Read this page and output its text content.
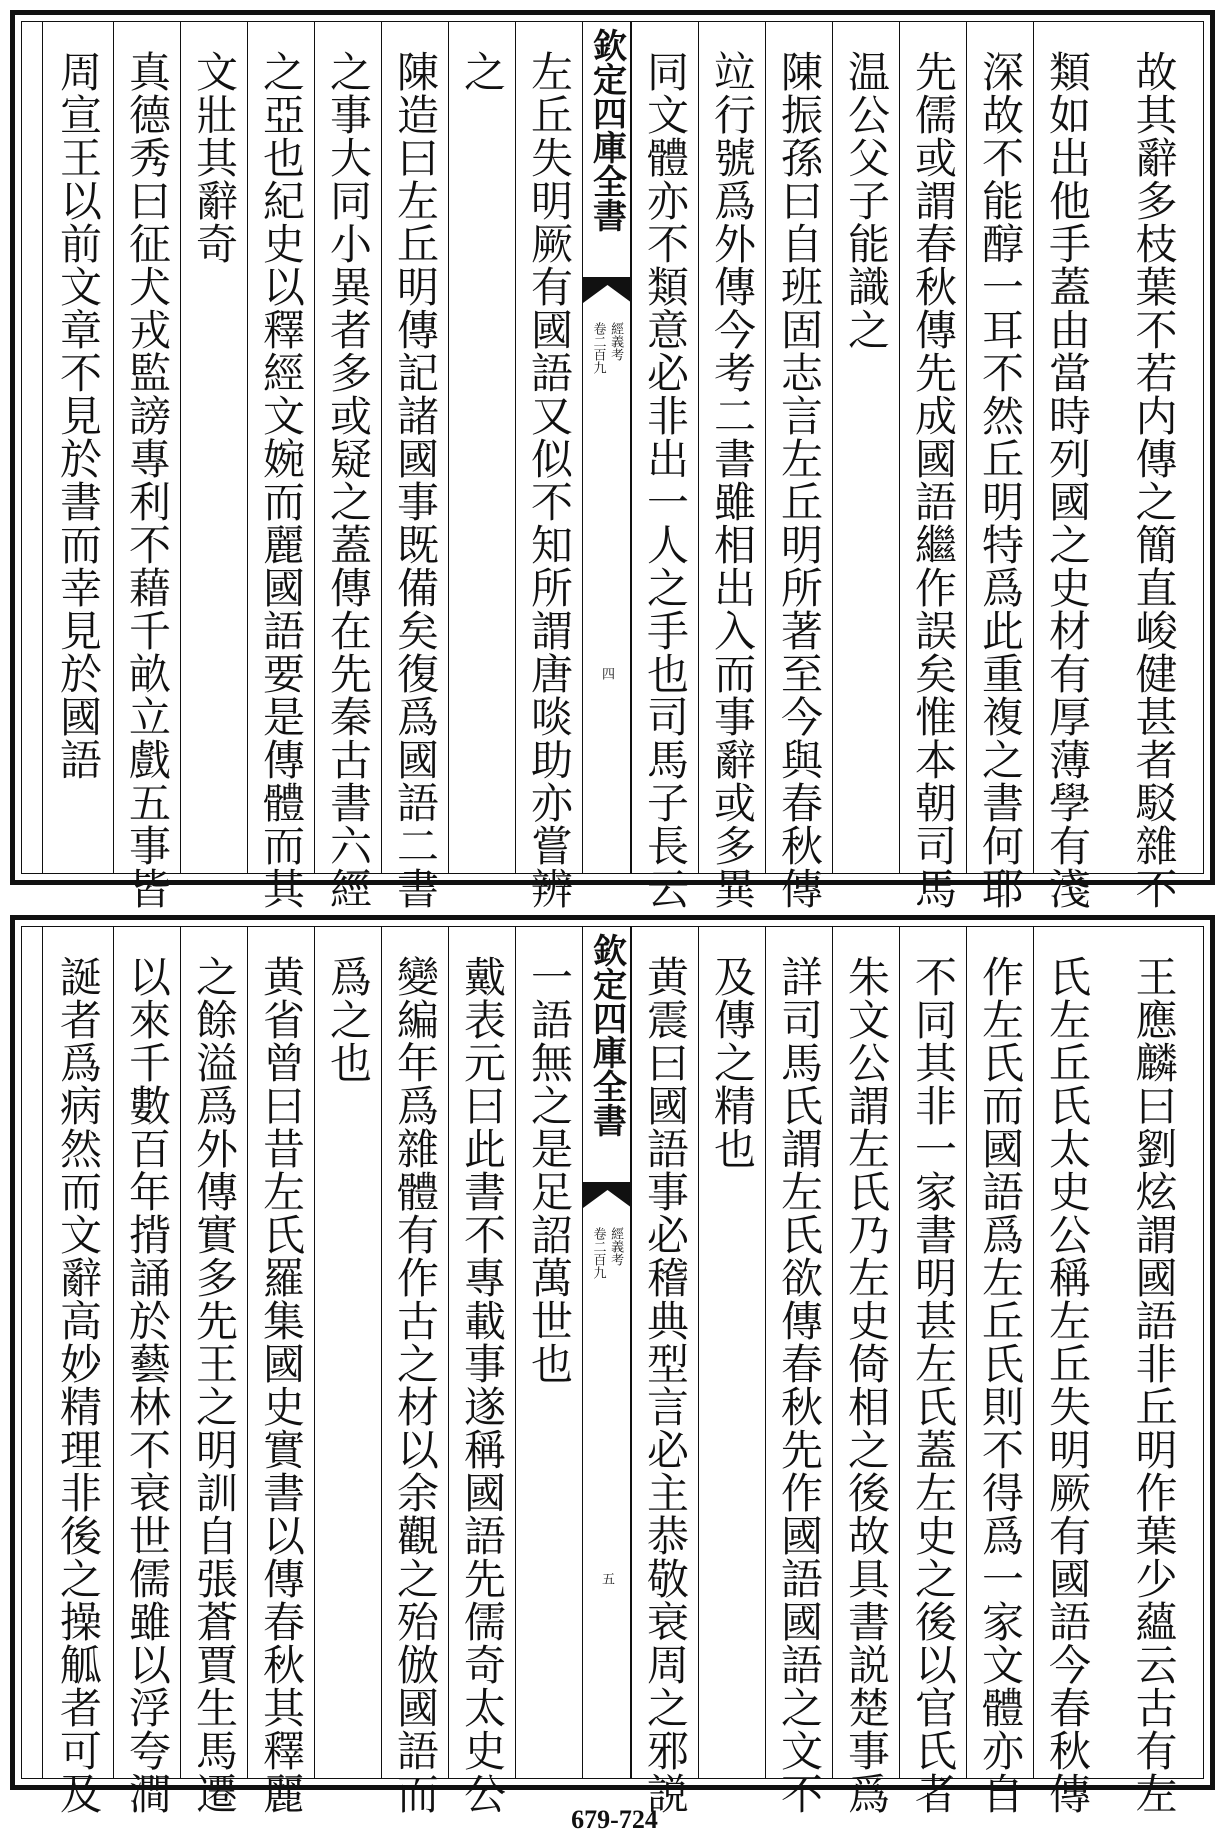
故其辭多枝葉不若内傳之簡直峻健甚者駁雜不
類如出他手蓋由當時列國之史材有厚薄學有淺
深故不能醇一耳不然丘明特爲此重複之書何耶
先儒或謂春秋傳先成國語繼作誤矣惟本朝司馬
温公父子能識之
陳振孫曰自班固志言左丘明所著至今與春秋傳
竝行號爲外傳今考二書雖相出入而事辭或多異
同文體亦不類意必非出一人之手也司馬子長云
欽定四庫全書
經義考
卷二百九
四
左丘失明厥有國語又似不知所謂唐啖助亦嘗辨
之
陳造曰左丘明傳記諸國事既備矣復爲國語二書
之事大同小異者多或疑之蓋傳在先秦古書六經
之亞也紀史以釋經文婉而麗國語要是傳體而其
文壯其辭奇
真德秀曰征犬戎監謗專利不藉千畝立戲五事皆
周宣王以前文章不見於書而幸見於國語
王應麟曰劉炫謂國語非丘明作葉少蘊云古有左
氏左丘氏太史公稱左丘失明厥有國語今春秋傳
作左氏而國語爲左丘氏則不得爲一家文體亦自
不同其非一家書明甚左氏蓋左史之後以官氏者
朱文公謂左氏乃左史倚相之後故具書説楚事爲
詳司馬氏謂左氏欲傳春秋先作國語國語之文不
及傳之精也
黄震曰國語事必稽典型言必主恭敬衰周之邪説
欽定四庫全書
經義考
卷二百九
五
一語無之是足詔萬世也
戴表元曰此書不專載事遂稱國語先儒奇太史公
變編年爲雜體有作古之材以余觀之殆倣國語而
爲之也
黄省曾曰昔左氏羅集國史實書以傳春秋其釋麗
之餘溢爲外傳實多先王之明訓自張蒼賈生馬遷
以來千數百年揹誦於藝林不衰世儒雖以浮夸澗
誕者爲病然而文辭高妙精理非後之操觚者可及
679-724
